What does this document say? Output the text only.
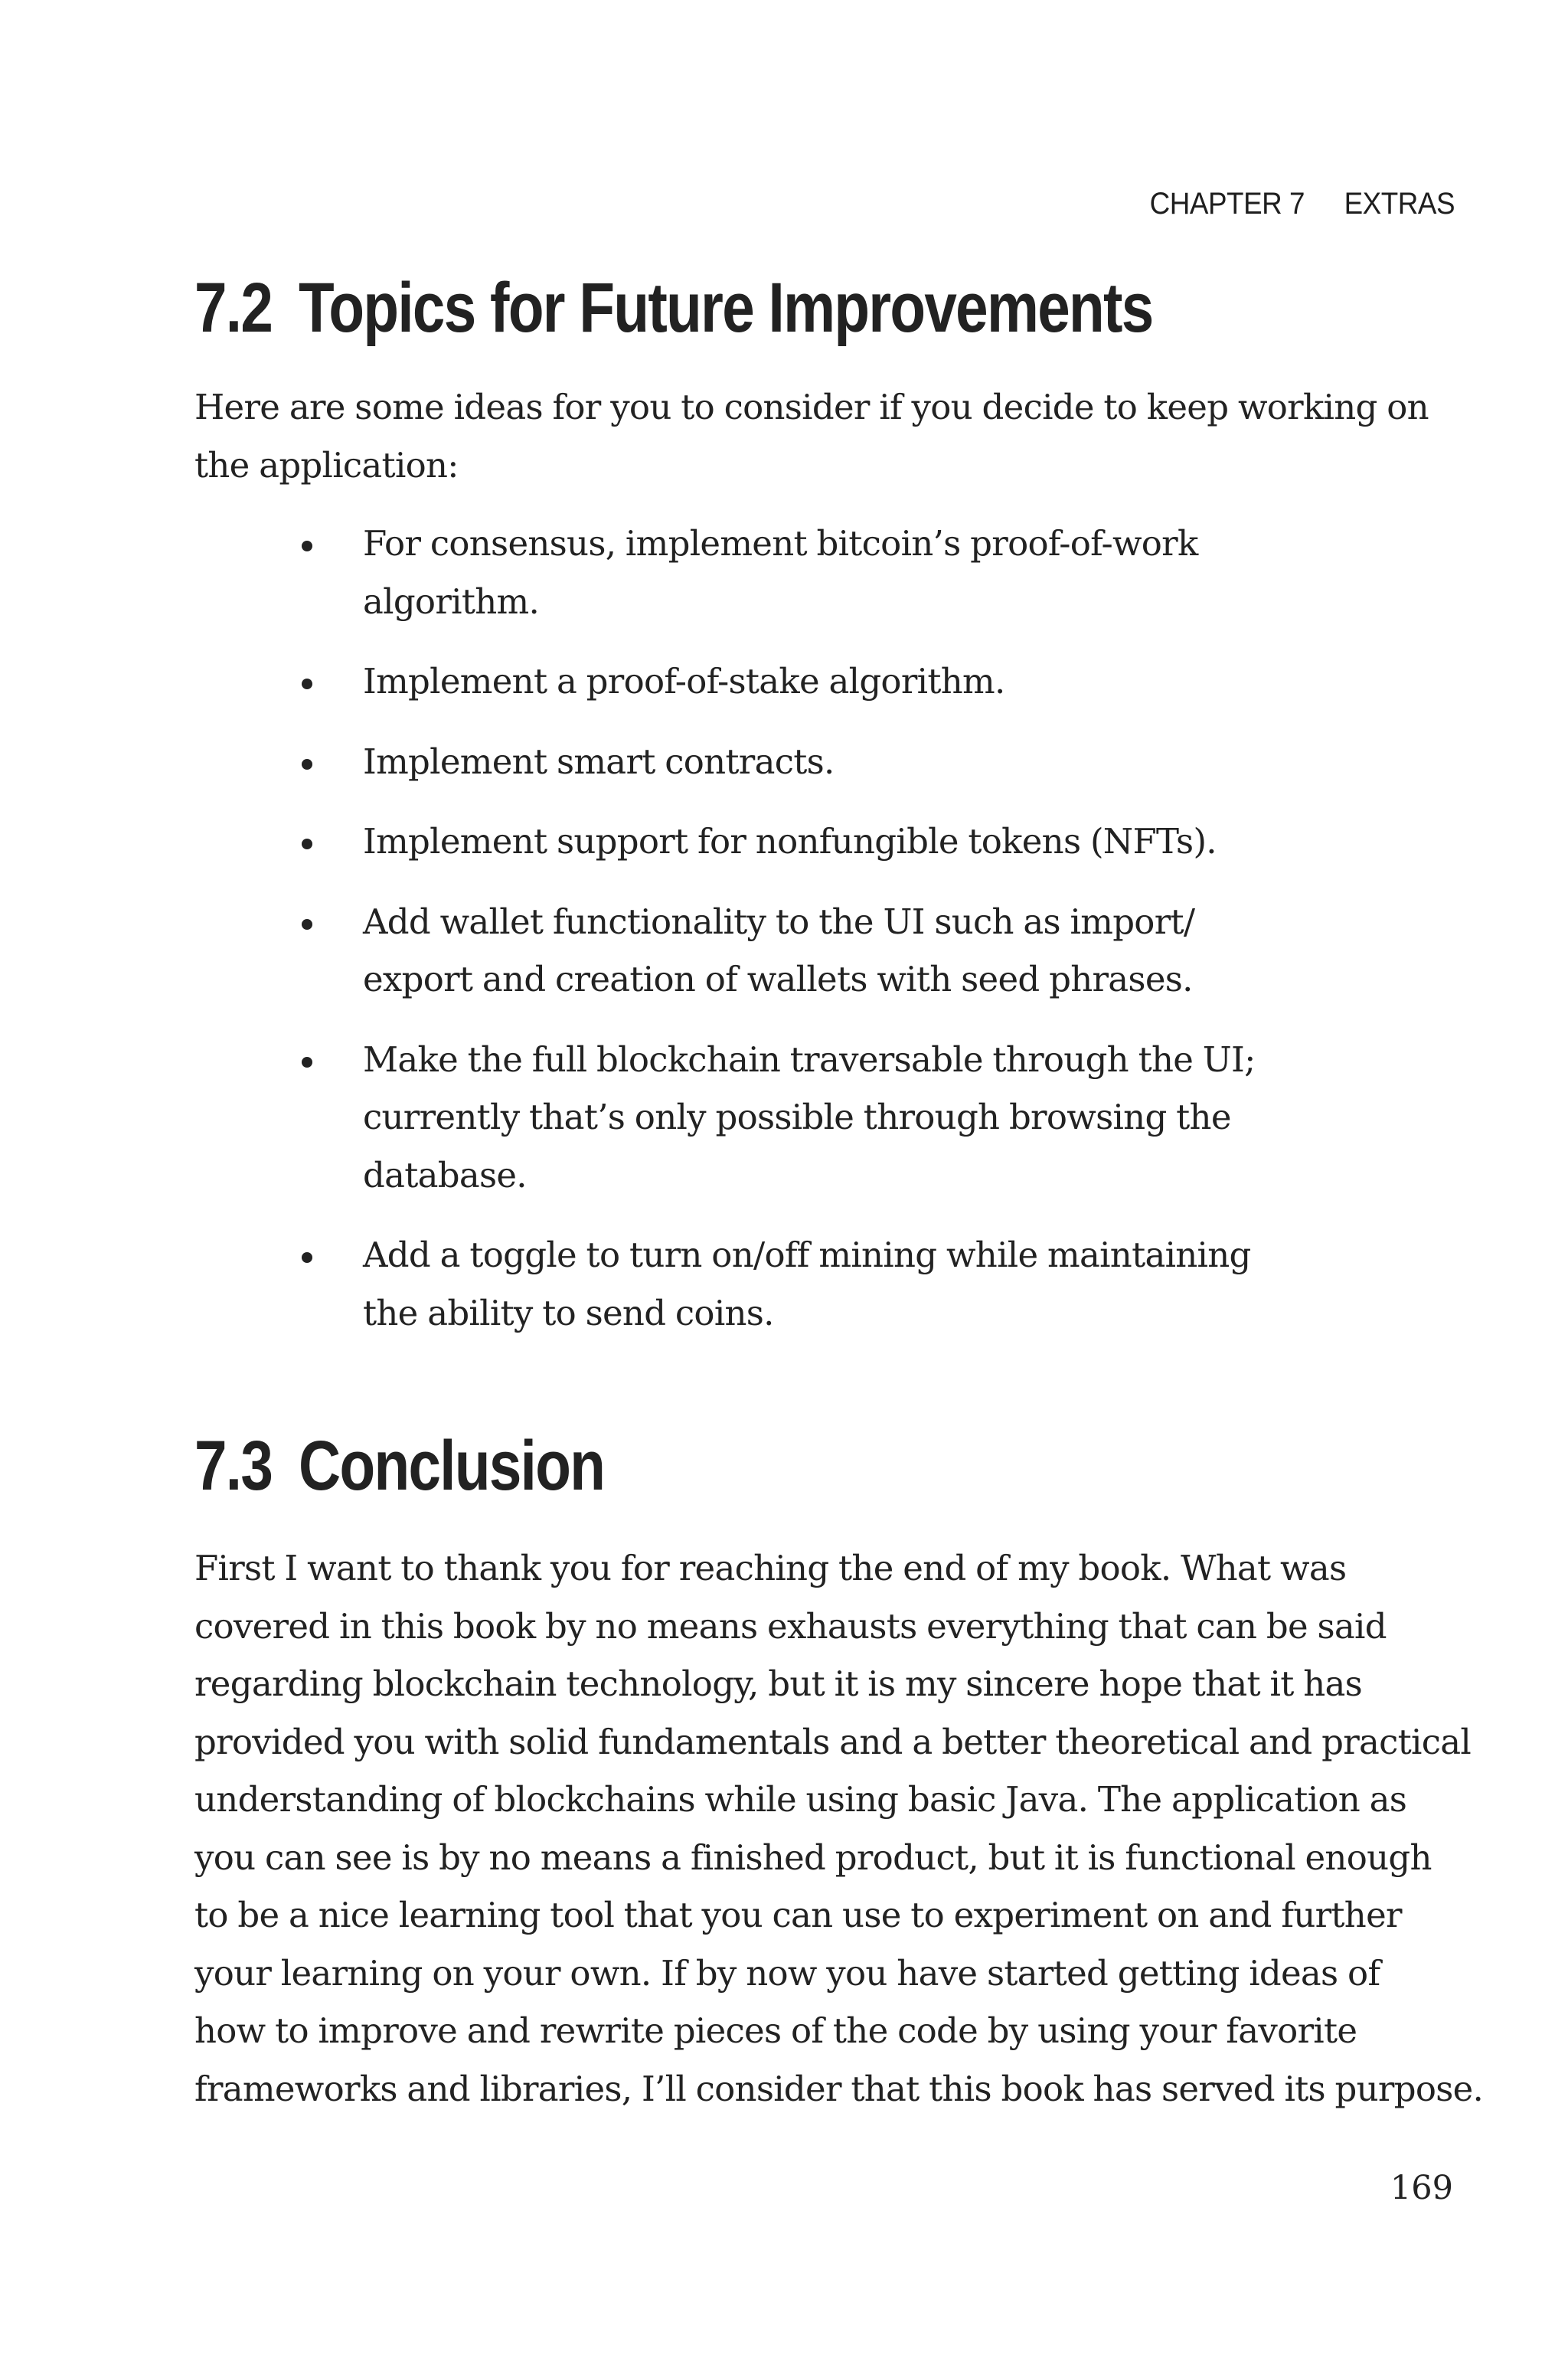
CHAPTER 7 EXTRAS
7.2 Topics for Future Improvements

Here are some ideas for you to consider if you decide to keep working on
the application:

For consensus, implement bitcoin’s proof-of-work
algorithm.
Implement a proof-of-stake algorithm.
Implement smart contracts.
Implement support for nonfungible tokens (NFTs).
Add wallet functionality to the UI such as import/
export and creation of wallets with seed phrases.
Make the full blockchain traversable through the UI;
currently that’s only possible through browsing the
database.
Add a toggle to turn on/off mining while maintaining
the ability to send coins.
7.3 Conclusion

First I want to thank you for reaching the end of my book. What was
covered in this book by no means exhausts everything that can be said
regarding blockchain technology, but it is my sincere hope that it has
provided you with solid fundamentals and a better theoretical and practical
understanding of blockchains while using basic Java. The application as
you can see is by no means a finished product, but it is functional enough
to be a nice learning tool that you can use to experiment on and further
your learning on your own. If by now you have started getting ideas of
how to improve and rewrite pieces of the code by using your favorite
frameworks and libraries, I’ll consider that this book has served its purpose.

169
